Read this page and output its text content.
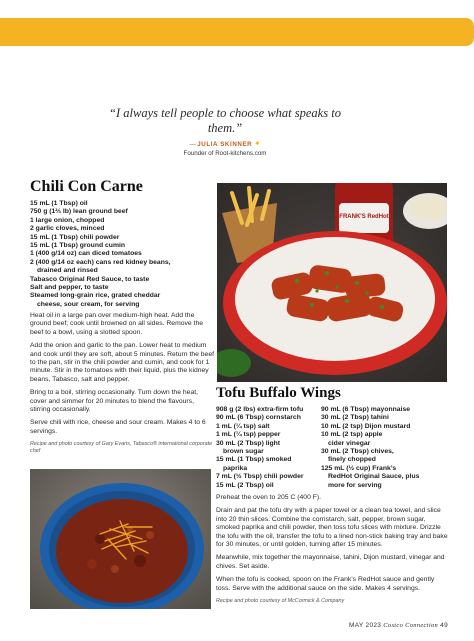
“I always tell people to choose what speaks to them.”
— JULIA SKINNER ✦
Founder of Root-kitchens.com
Chili Con Carne
15 mL (1 Tbsp) oil
750 g (1⅔ lb) lean ground beef
1 large onion, chopped
2 garlic cloves, minced
15 mL (1 Tbsp) chili powder
15 mL (1 Tbsp) ground cumin
1 (400 g/14 oz) can diced tomatoes
2 (400 g/14 oz each) cans red kidney beans,
drained and rinsed
Tabasco Original Red Sauce, to taste
Salt and pepper, to taste
Steamed long-grain rice, grated cheddar
cheese, sour cream, for serving

Heat oil in a large pan over medium-high heat. Add the ground beef; cook until browned on all sides. Remove the beef to a bowl, using a slotted spoon.

Add the onion and garlic to the pan. Lower heat to medium and cook until they are soft, about 5 minutes. Return the beef to the pan, stir in the chili powder and cumin, and cook for 1 minute. Stir in the tomatoes with their liquid, plus the kidney beans, Tabasco, salt and pepper.

Bring to a boil, stirring occasionally. Turn down the heat, cover and simmer for 20 minutes to blend the flavours, stirring occasionally.

Serve chili with rice, cheese and sour cream. Makes 4 to 6 servings.

Recipe and photo courtesy of Gary Evans, Tabasco® international corporate chef
FRANK'S RedHot
Tofu Buffalo Wings
908 g (2 lbs) extra-firm tofu
90 mL (6 Tbsp) cornstarch
1 mL (¼ tsp) salt
1 mL (¼ tsp) pepper
30 mL (2 Tbsp) light
brown sugar
15 mL (1 Tbsp) smoked
paprika
7 mL (½ Tbsp) chili powder
15 mL (2 Tbsp) oil
90 mL (6 Tbsp) mayonnaise
30 mL (2 Tbsp) tahini
10 mL (2 tsp) Dijon mustard
10 mL (2 tsp) apple
cider vinegar
30 mL (2 Tbsp) chives,
finely chopped
125 mL (½ cup) Frank’s
RedHot Original Sauce, plus
more for serving

Preheat the oven to 205 C (400 F).

Drain and pat the tofu dry with a paper towel or a clean tea towel, and slice into 20 thin slices. Combine the cornstarch, salt, pepper, brown sugar, smoked paprika and chili powder, then toss tofu slices with mixture. Drizzle the tofu with the oil, transfer the tofu to a lined non-stick baking tray and bake for 30 minutes, or until golden, turning after 15 minutes.

Meanwhile, mix together the mayonnaise, tahini, Dijon mustard, vinegar and chives. Set aside.

When the tofu is cooked, spoon on the Frank’s RedHot sauce and gently toss. Serve with the additional sauce on the side. Makes 4 servings.

Recipe and photo courtesy of McCormick & Company
MAY 2023 Costco Connection 49
